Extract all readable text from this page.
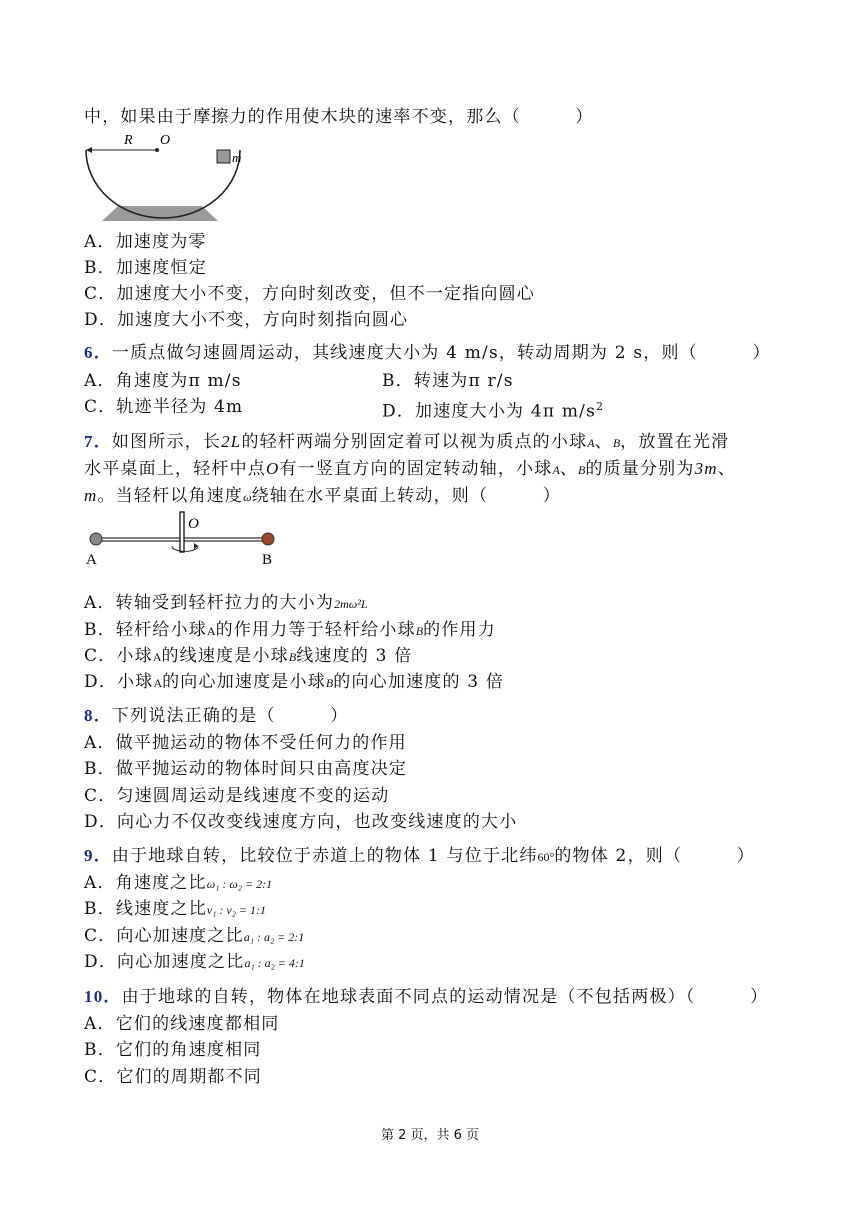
中，如果由于摩擦力的作用使木块的速率不变，那么（　　　）
R O
m
A．加速度为零
B．加速度恒定
C．加速度大小不变，方向时刻改变，但不一定指向圆心
D．加速度大小不变，方向时刻指向圆心
6．一质点做匀速圆周运动，其线速度大小为 4 m/s，转动周期为 2 s，则（　　　）
A．角速度为π m/s	B．转速为π r/s
C．轨迹半径为 4m	D．加速度大小为 4π $m/s^2$
7．如图所示，长2L的轻杆两端分别固定着可以视为质点的小球A、B，放置在光滑
水平桌面上，轻杆中点O有一竖直方向的固定转动轴，小球A、B的质量分别为3m、
m。当轻杆以角速度ω绕轴在水平桌面上转动，则（　　　）
O
A	B
A．转轴受到轻杆拉力的大小为2mω²L
B．轻杆给小球A的作用力等于轻杆给小球B的作用力
C．小球A的线速度是小球B线速度的 3 倍
D．小球A的向心加速度是小球B的向心加速度的 3 倍
8．下列说法正确的是（　　　）
A．做平抛运动的物体不受任何力的作用
B．做平抛运动的物体时间只由高度决定
C．匀速圆周运动是线速度不变的运动
D．向心力不仅改变线速度方向，也改变线速度的大小
9．由于地球自转，比较位于赤道上的物体 1 与位于北纬60°的物体 2，则（　　　）
A．角速度之比ω₁ : ω₂ = 2:1
B．线速度之比v₁ : v₂ = 1:1
C．向心加速度之比a₁ : a₂ = 2:1
D．向心加速度之比a₁ : a₂ = 4:1
10．由于地球的自转，物体在地球表面不同点的运动情况是（不包括两极）（　　　）
A．它们的线速度都相同
B．它们的角速度相同
C．它们的周期都不同
第 2 页，共 6 页
